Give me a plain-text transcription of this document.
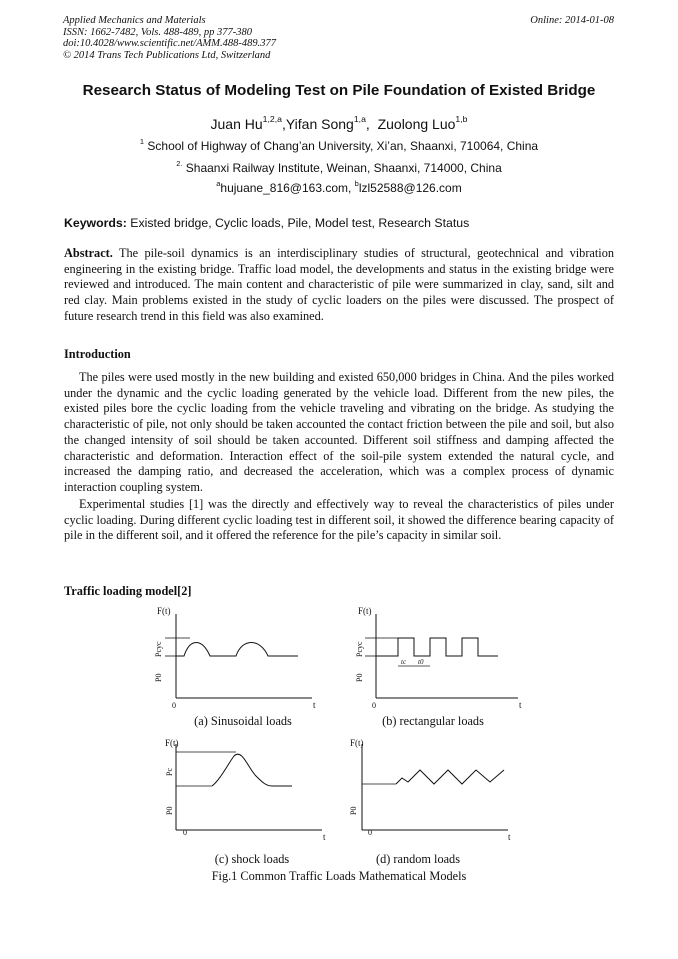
Applied Mechanics and Materials
ISSN: 1662-7482, Vols. 488-489, pp 377-380
doi:10.4028/www.scientific.net/AMM.488-489.377
© 2014 Trans Tech Publications Ltd, Switzerland
Online: 2014-01-08
Research Status of Modeling Test on Pile Foundation of Existed Bridge
Juan Hu$^{1,2,a}$,Yifan Song$^{1,a}$,  Zuolong Luo$^{1,b}$
$^1$ School of Highway of Chang’an University, Xi’an, Shaanxi, 710064, China
$^{2.}$ Shaanxi Railway Institute, Weinan, Shaanxi, 714000, China
$^a$hujuane_816@163.com, $^b$lzl52588@126.com
Keywords: Existed bridge, Cyclic loads, Pile, Model test, Research Status
Abstract. The pile-soil dynamics is an interdisciplinary studies of structural, geotechnical and vibration engineering in the existing bridge. Traffic load model, the developments and status in the existing bridge were reviewed and introduced. The main content and characteristic of pile were summarized in clay, sand, silt and red clay. Main problems existed in the study of cyclic loaders on the piles were discussed. The prospect of future research trend in this field was also examined.
Introduction
The piles were used mostly in the new building and existed 650,000 bridges in China. And the piles worked under the dynamic and the cyclic loading generated by the vehicle load. Different from the new piles, the existed piles bore the cyclic loading from the vehicle traveling and vibrating on the bridge. As studying the characteristic of pile, not only should be taken accounted the contact friction between the pile and soil, but also the changed intensity of soil should be taken accounted. Different soil stiffness and damping affected the characteristic and deformation. Interaction effect of the soil-pile system extended the natural cycle, and increased the damping ratio, and decreased the acceleration, which was a complex process of dynamic interaction coupling system.
Experimental studies [1] was the directly and effectively way to reveal the characteristics of piles under cyclic loading. During different cyclic loading test in different soil, it showed the difference bearing capacity of pile in the different soil, and it offered the reference for the pile’s capacity in similar soil.
Traffic loading model[2]
F(t)
t
0
P0
Pcyc
tc t0
F(t)
t
0
P0
Pcyc
F(t)
t
0
P0
Pc
F(t)
t
0
P0
(a) Sinusoidal loads	(b) rectangular loads
(c) shock loads	(d) random loads
Fig.1 Common Traffic Loads Mathematical Models
